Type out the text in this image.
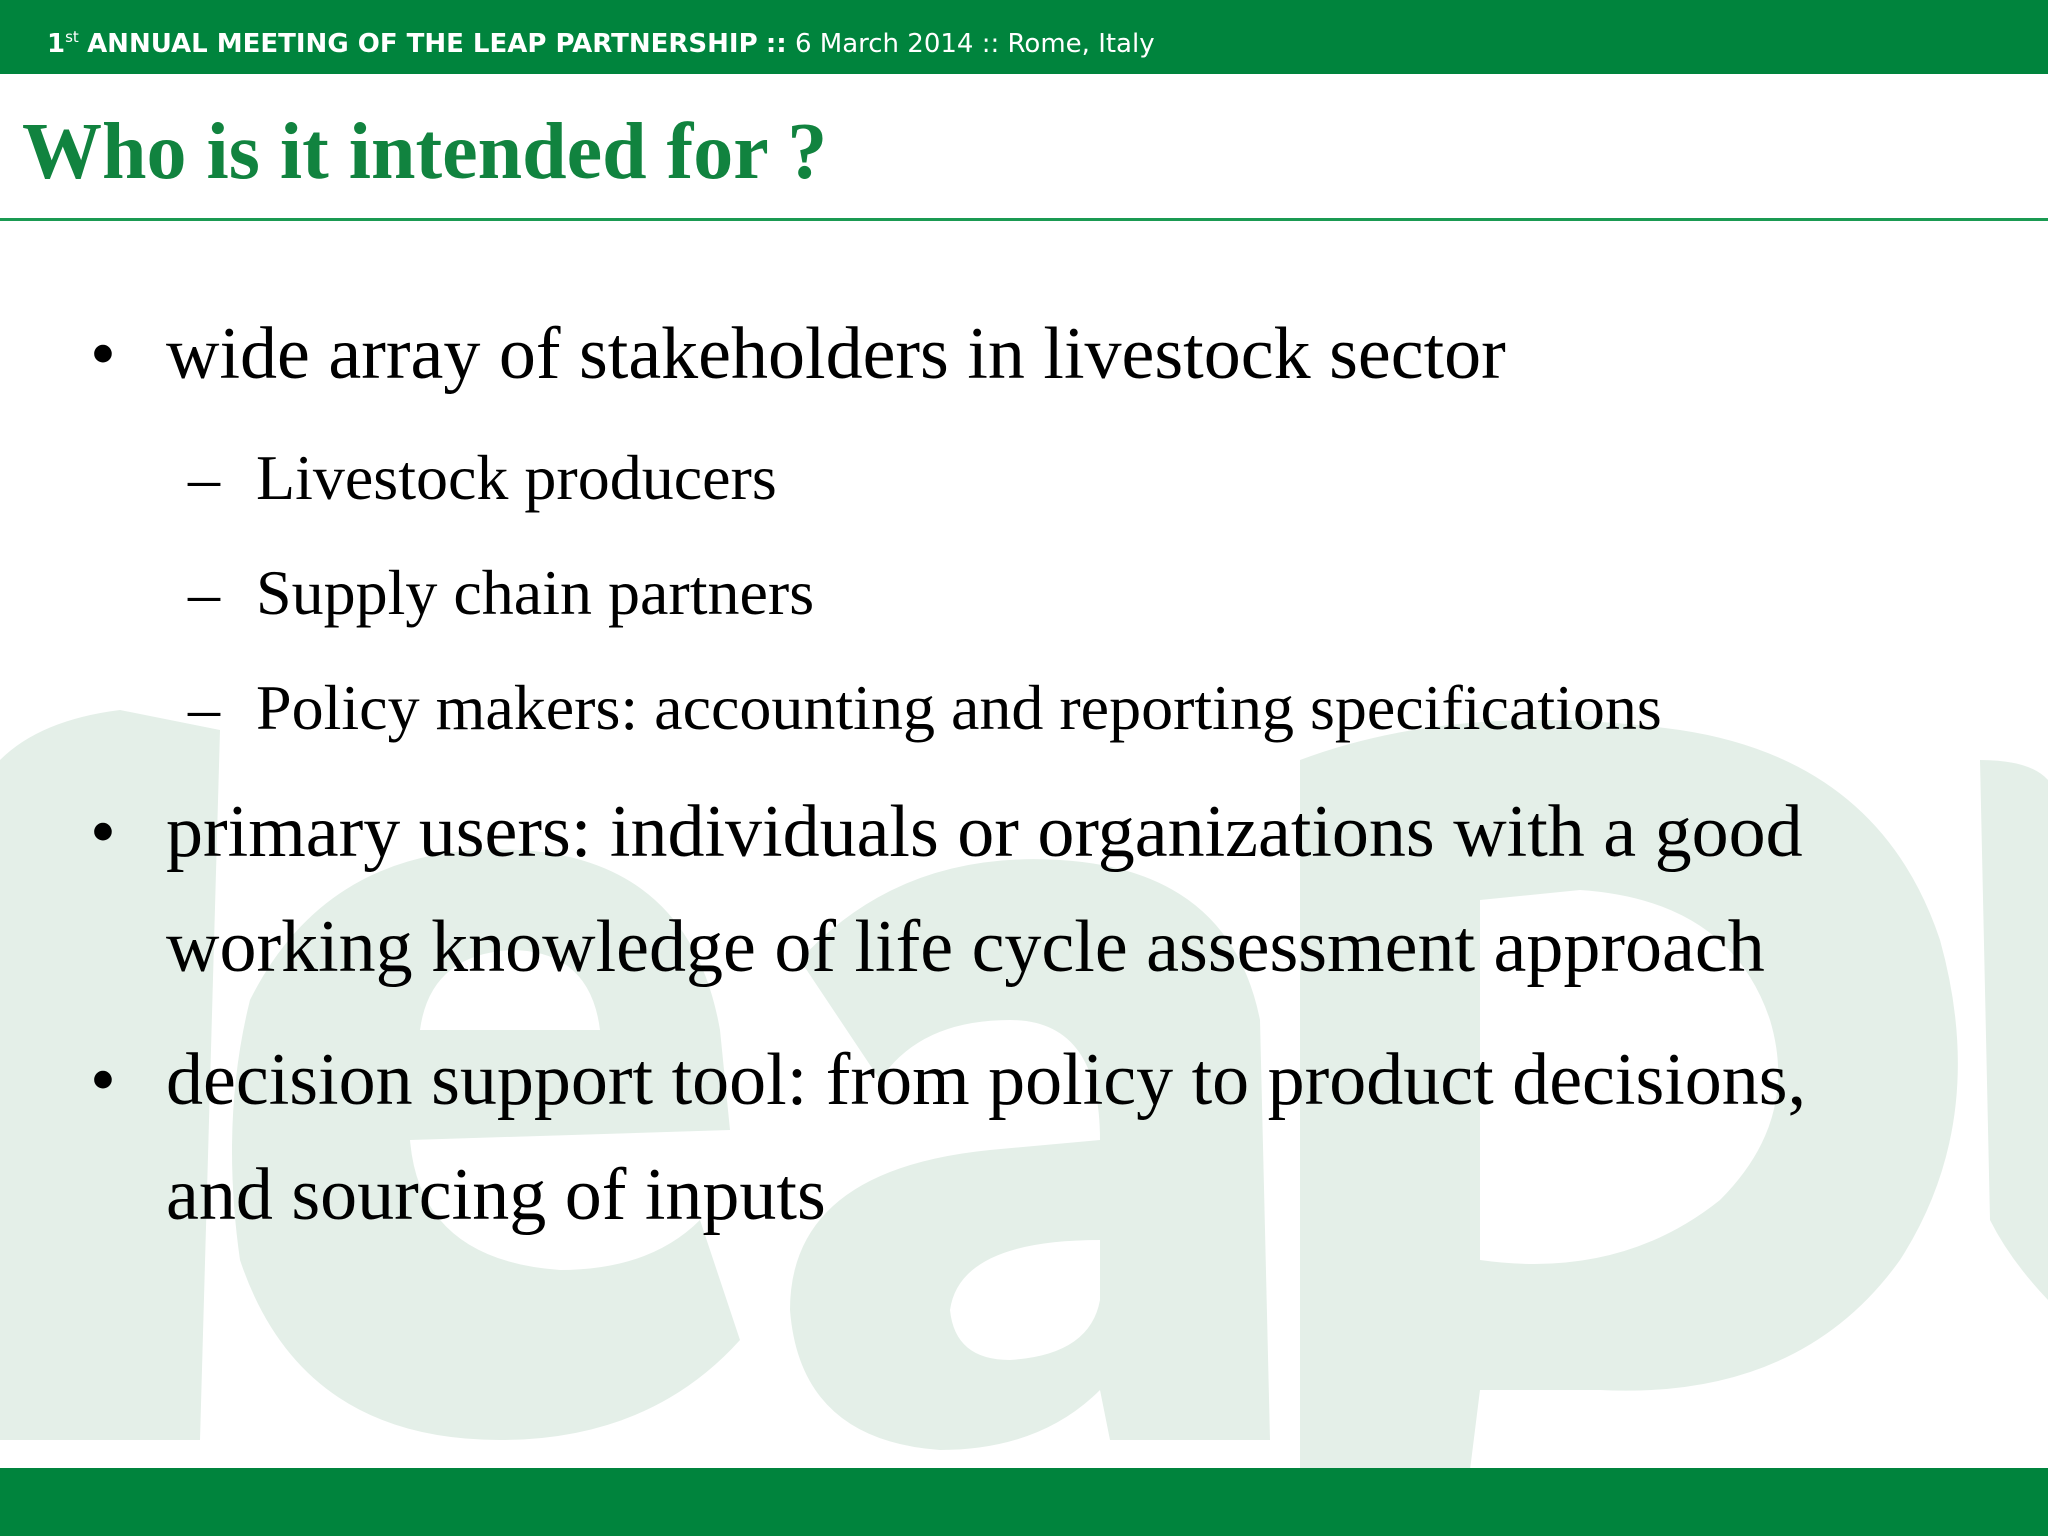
1st ANNUAL MEETING OF THE LEAP PARTNERSHIP :: 6 March 2014 :: Rome, Italy
Who is it intended for ?
• wide array of stakeholders in livestock sector
– Livestock producers
– Supply chain partners
– Policy makers: accounting and reporting specifications
• primary users: individuals or organizations with a good
working knowledge of life cycle assessment approach
• decision support tool: from policy to product decisions,
and sourcing of inputs
